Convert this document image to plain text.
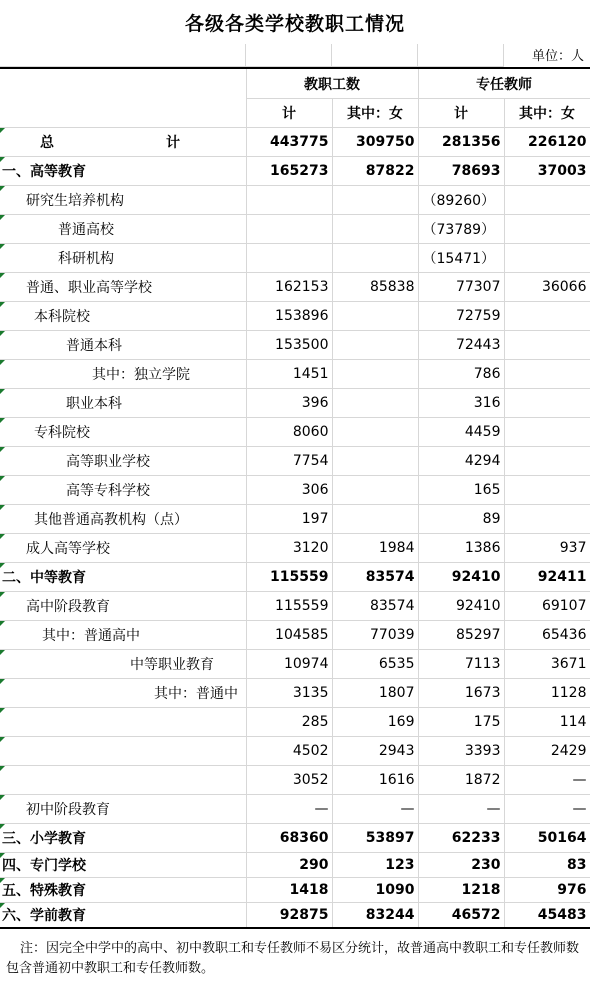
各级各类学校教职工情况
单位：人
	教职工数		专任教师	
	计	其中：女	计	其中：女

总　　　　　　　　计	443775	309750	281356	226120

一、高等教育	165273	87822	78693	37003

研究生培养机构			（89260）	

普通高校			（73789）	

科研机构			（15471）	

普通、职业高等学校	162153	85838	77307	36066

本科院校	153896		72759	

普通本科	153500		72443	

其中：独立学院	1451		786	

职业本科	396		316	

专科院校	8060		4459	

高等职业学校	7754		4294	

高等专科学校	306		165	

其他普通高教机构（点）	197		89	

成人高等学校	3120	1984	1386	937

二、中等教育	115559	83574	92410	92411

高中阶段教育	115559	83574	92410	69107

其中：普通高中	104585	77039	85297	65436

中等职业教育	10974	6535	7113	3671

其中：普通中	3135	1807	1673	1128

	285	169	175	114

	4502	2943	3393	2429

	3052	1616	1872	—

初中阶段教育	—	—	—	—

三、小学教育	68360	53897	62233	50164

四、专门学校	290	123	230	83

五、特殊教育	1418	1090	1218	976

六、学前教育	92875	83244	46572	45483
注：因完全中学中的高中、初中教职工和专任教师不易区分统计，故普通高中教职工和专任教师数包含普通初中教职工和专任教师数。
